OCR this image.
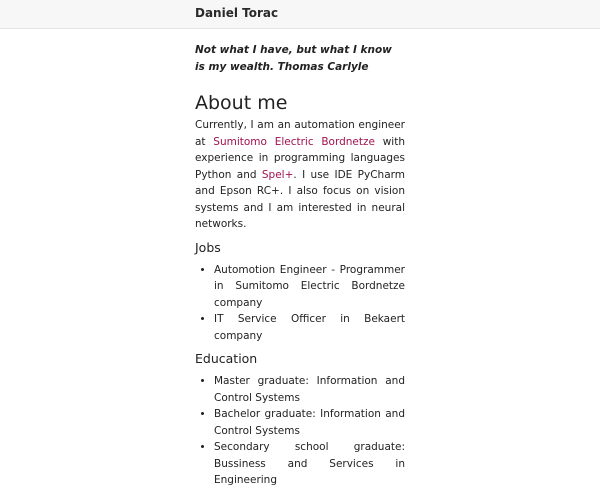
Daniel Torac

Not what I have, but what I know is my wealth. Thomas Carlyle

About me

Currently, I am an automation engineer at Sumitomo Electric Bordnetze with experience in programming languages Python and Spel+. I use IDE PyCharm and Epson RC+. I also focus on vision systems and I am interested in neural networks.

Jobs
• Automotion Engineer - Programmer in Sumitomo Electric Bordnetze company
• IT Service Officer in Bekaert company
Education
• Master graduate: Information and Control Systems
• Bachelor graduate: Information and Control Systems
• Secondary school graduate: Bussiness and Services in Engineering
